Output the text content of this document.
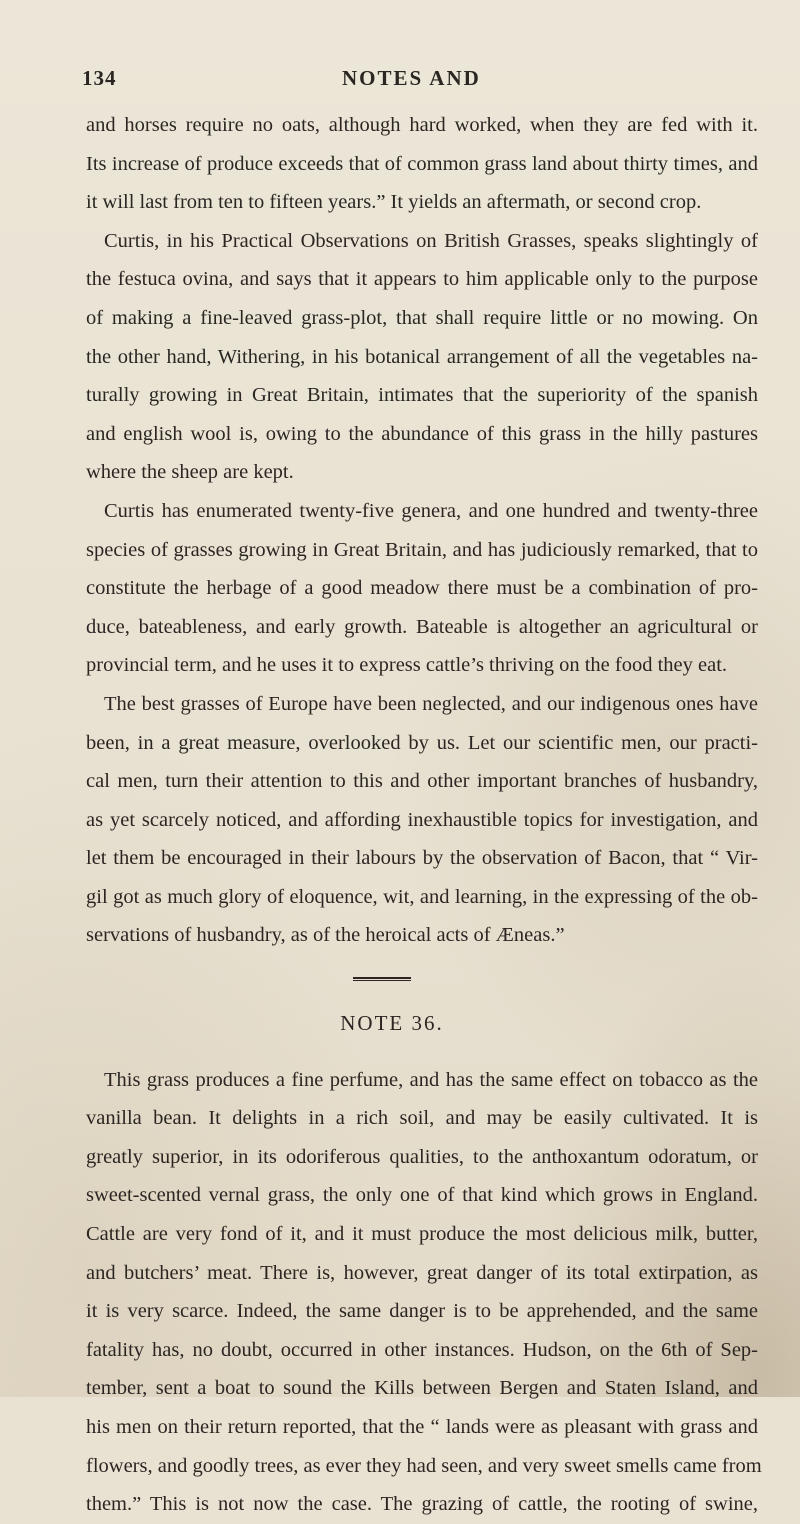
134	NOTES AND
and horses require no oats, although hard worked, when they are fed with it.
Its increase of produce exceeds that of common grass land about thirty times, and
it will last from ten to fifteen years.” It yields an aftermath, or second crop.
Curtis, in his Practical Observations on British Grasses, speaks slightingly of
the festuca ovina, and says that it appears to him applicable only to the purpose
of making a fine-leaved grass-plot, that shall require little or no mowing. On
the other hand, Withering, in his botanical arrangement of all the vegetables na-
turally growing in Great Britain, intimates that the superiority of the spanish
and english wool is, owing to the abundance of this grass in the hilly pastures
where the sheep are kept.
Curtis has enumerated twenty-five genera, and one hundred and twenty-three
species of grasses growing in Great Britain, and has judiciously remarked, that to
constitute the herbage of a good meadow there must be a combination of pro-
duce, bateableness, and early growth. Bateable is altogether an agricultural or
provincial term, and he uses it to express cattle’s thriving on the food they eat.
The best grasses of Europe have been neglected, and our indigenous ones have
been, in a great measure, overlooked by us. Let our scientific men, our practi-
cal men, turn their attention to this and other important branches of husbandry,
as yet scarcely noticed, and affording inexhaustible topics for investigation, and
let them be encouraged in their labours by the observation of Bacon, that “ Vir-
gil got as much glory of eloquence, wit, and learning, in the expressing of the ob-
servations of husbandry, as of the heroical acts of Æneas.”
NOTE 36.
This grass produces a fine perfume, and has the same effect on tobacco as the
vanilla bean. It delights in a rich soil, and may be easily cultivated. It is
greatly superior, in its odoriferous qualities, to the anthoxantum odoratum, or
sweet-scented vernal grass, the only one of that kind which grows in England.
Cattle are very fond of it, and it must produce the most delicious milk, butter,
and butchers’ meat. There is, however, great danger of its total extirpation, as
it is very scarce. Indeed, the same danger is to be apprehended, and the same
fatality has, no doubt, occurred in other instances. Hudson, on the 6th of Sep-
tember, sent a boat to sound the Kills between Bergen and Staten Island, and
his men on their return reported, that the “ lands were as pleasant with grass and
flowers, and goodly trees, as ever they had seen, and very sweet smells came from
them.” This is not now the case. The grazing of cattle, the rooting of swine,
